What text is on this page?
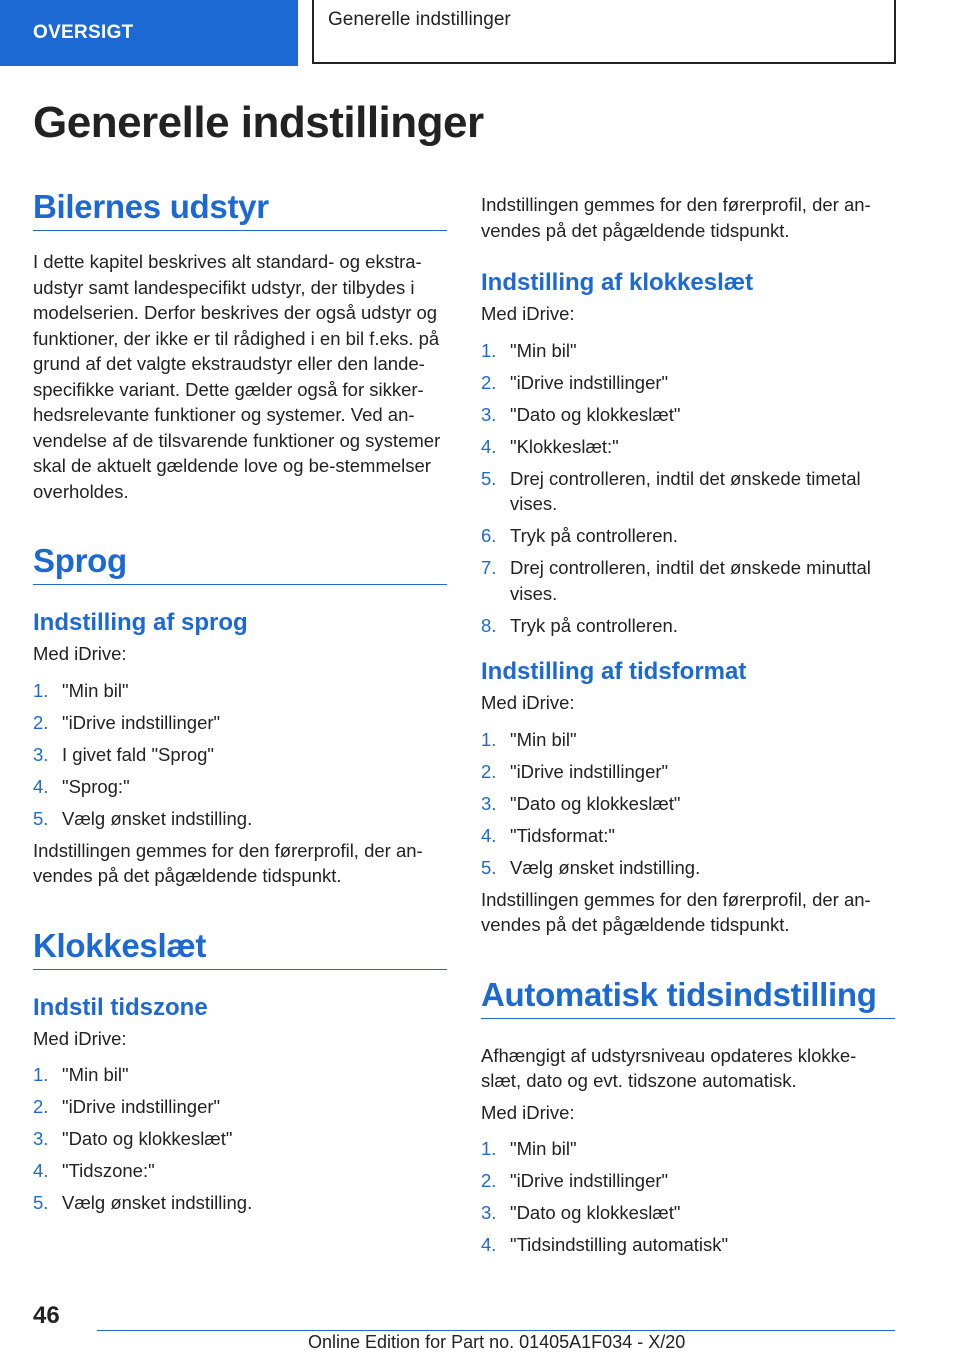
OVERSIGT
Generelle indstillinger
Generelle indstillinger
Bilernes udstyr

I dette kapitel beskrives alt standard- og ekstra-udstyr samt landespecifikt udstyr, der tilbydes i modelserien. Derfor beskrives der også udstyr og funktioner, der ikke er til rådighed i en bil f.eks. på grund af det valgte ekstraudstyr eller den lande-specifikke variant. Dette gælder også for sikker-hedsrelevante funktioner og systemer. Ved an-vendelse af de tilsvarende funktioner og systemer skal de aktuelt gældende love og be-stemmelser overholdes.

Sprog
Indstilling af sprog

Med iDrive:

1. "Min bil"
2. "iDrive indstillinger"
3. I givet fald "Sprog"
4. "Sprog:"
5. Vælg ønsket indstilling.

Indstillingen gemmes for den førerprofil, der an-vendes på det pågældende tidspunkt.

Klokkeslæt
Indstil tidszone

Med iDrive:

1. "Min bil"
2. "iDrive indstillinger"
3. "Dato og klokkeslæt"
4. "Tidszone:"
5. Vælg ønsket indstilling.

Indstillingen gemmes for den førerprofil, der an-vendes på det pågældende tidspunkt.

Indstilling af klokkeslæt

Med iDrive:

1. "Min bil"
2. "iDrive indstillinger"
3. "Dato og klokkeslæt"
4. "Klokkeslæt:"
5. Drej controlleren, indtil det ønskede timetal vises.
6. Tryk på controlleren.
7. Drej controlleren, indtil det ønskede minuttal vises.
8. Tryk på controlleren.
Indstilling af tidsformat

Med iDrive:

1. "Min bil"
2. "iDrive indstillinger"
3. "Dato og klokkeslæt"
4. "Tidsformat:"
5. Vælg ønsket indstilling.

Indstillingen gemmes for den førerprofil, der an-vendes på det pågældende tidspunkt.

Automatisk tidsindstilling

Afhængigt af udstyrsniveau opdateres klokke-slæt, dato og evt. tidszone automatisk.

Med iDrive:

1. "Min bil"
2. "iDrive indstillinger"
3. "Dato og klokkeslæt"
4. "Tidsindstilling automatisk"
46
Online Edition for Part no. 01405A1F034 - X/20
